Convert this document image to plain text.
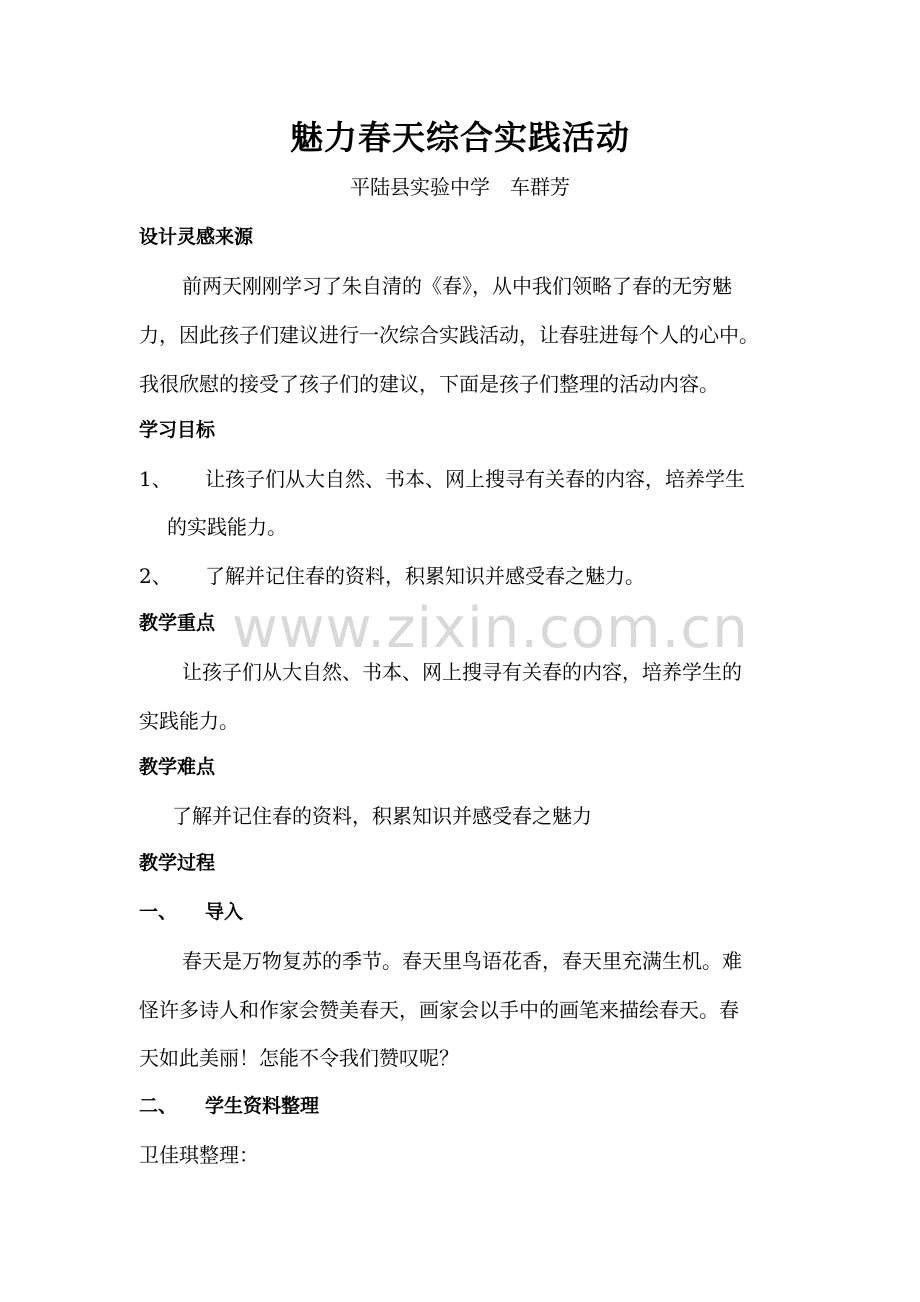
魅力春天综合实践活动
平陆县实验中学　车群芳
设计灵感来源
前两天刚刚学习了朱自清的《春》，从中我们领略了春的无穷魅
力，因此孩子们建议进行一次综合实践活动，让春驻进每个人的心中。
我很欣慰的接受了孩子们的建议，下面是孩子们整理的活动内容。
学习目标
1、 让孩子们从大自然、书本、网上搜寻有关春的内容，培养学生
的实践能力。
2、 了解并记住春的资料，积累知识并感受春之魅力。
教学重点
让孩子们从大自然、书本、网上搜寻有关春的内容，培养学生的
实践能力。
教学难点
了解并记住春的资料，积累知识并感受春之魅力
教学过程
一、 导入
春天是万物复苏的季节。春天里鸟语花香，春天里充满生机。难
怪许多诗人和作家会赞美春天，画家会以手中的画笔来描绘春天。春
天如此美丽！怎能不令我们赞叹呢？
二、 学生资料整理
卫佳琪整理：
www.zixin.com.cn
